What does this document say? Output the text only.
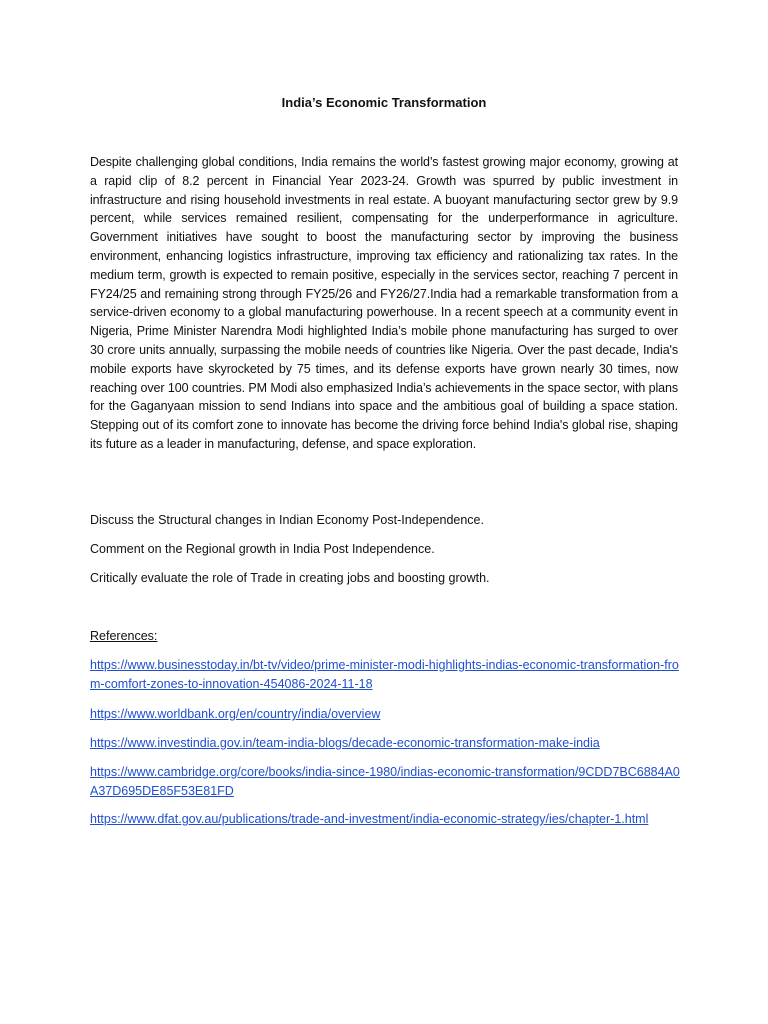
India’s Economic Transformation
Despite challenging global conditions, India remains the world’s fastest growing major economy, growing at a rapid clip of 8.2 percent in Financial Year 2023-24. Growth was spurred by public investment in infrastructure and rising household investments in real estate. A buoyant manufacturing sector grew by 9.9 percent, while services remained resilient, compensating for the underperformance in agriculture. Government initiatives have sought to boost the manufacturing sector by improving the business environment, enhancing logistics infrastructure, improving tax efficiency and rationalizing tax rates. In the medium term, growth is expected to remain positive, especially in the services sector, reaching 7 percent in FY24/25 and remaining strong through FY25/26 and FY26/27.India had a remarkable transformation from a service-driven economy to a global manufacturing powerhouse. In a recent speech at a community event in Nigeria, Prime Minister Narendra Modi highlighted India’s mobile phone manufacturing has surged to over 30 crore units annually, surpassing the mobile needs of countries like Nigeria. Over the past decade, India's mobile exports have skyrocketed by 75 times, and its defense exports have grown nearly 30 times, now reaching over 100 countries. PM Modi also emphasized India’s achievements in the space sector, with plans for the Gaganyaan mission to send Indians into space and the ambitious goal of building a space station. Stepping out of its comfort zone to innovate has become the driving force behind India's global rise, shaping its future as a leader in manufacturing, defense, and space exploration.
Discuss the Structural changes in Indian Economy Post-Independence.
Comment on the Regional growth in India Post Independence.
Critically evaluate the role of Trade in creating jobs and boosting growth.
References:
https://www.businesstoday.in/bt-tv/video/prime-minister-modi-highlights-indias-economic-transformation-from-comfort-zones-to-innovation-454086-2024-11-18
https://www.worldbank.org/en/country/india/overview
https://www.investindia.gov.in/team-india-blogs/decade-economic-transformation-make-india
https://www.cambridge.org/core/books/india-since-1980/indias-economic-transformation/9CDD7BC6884A0A37D695DE85F53E81FD
https://www.dfat.gov.au/publications/trade-and-investment/india-economic-strategy/ies/chapter-1.html
